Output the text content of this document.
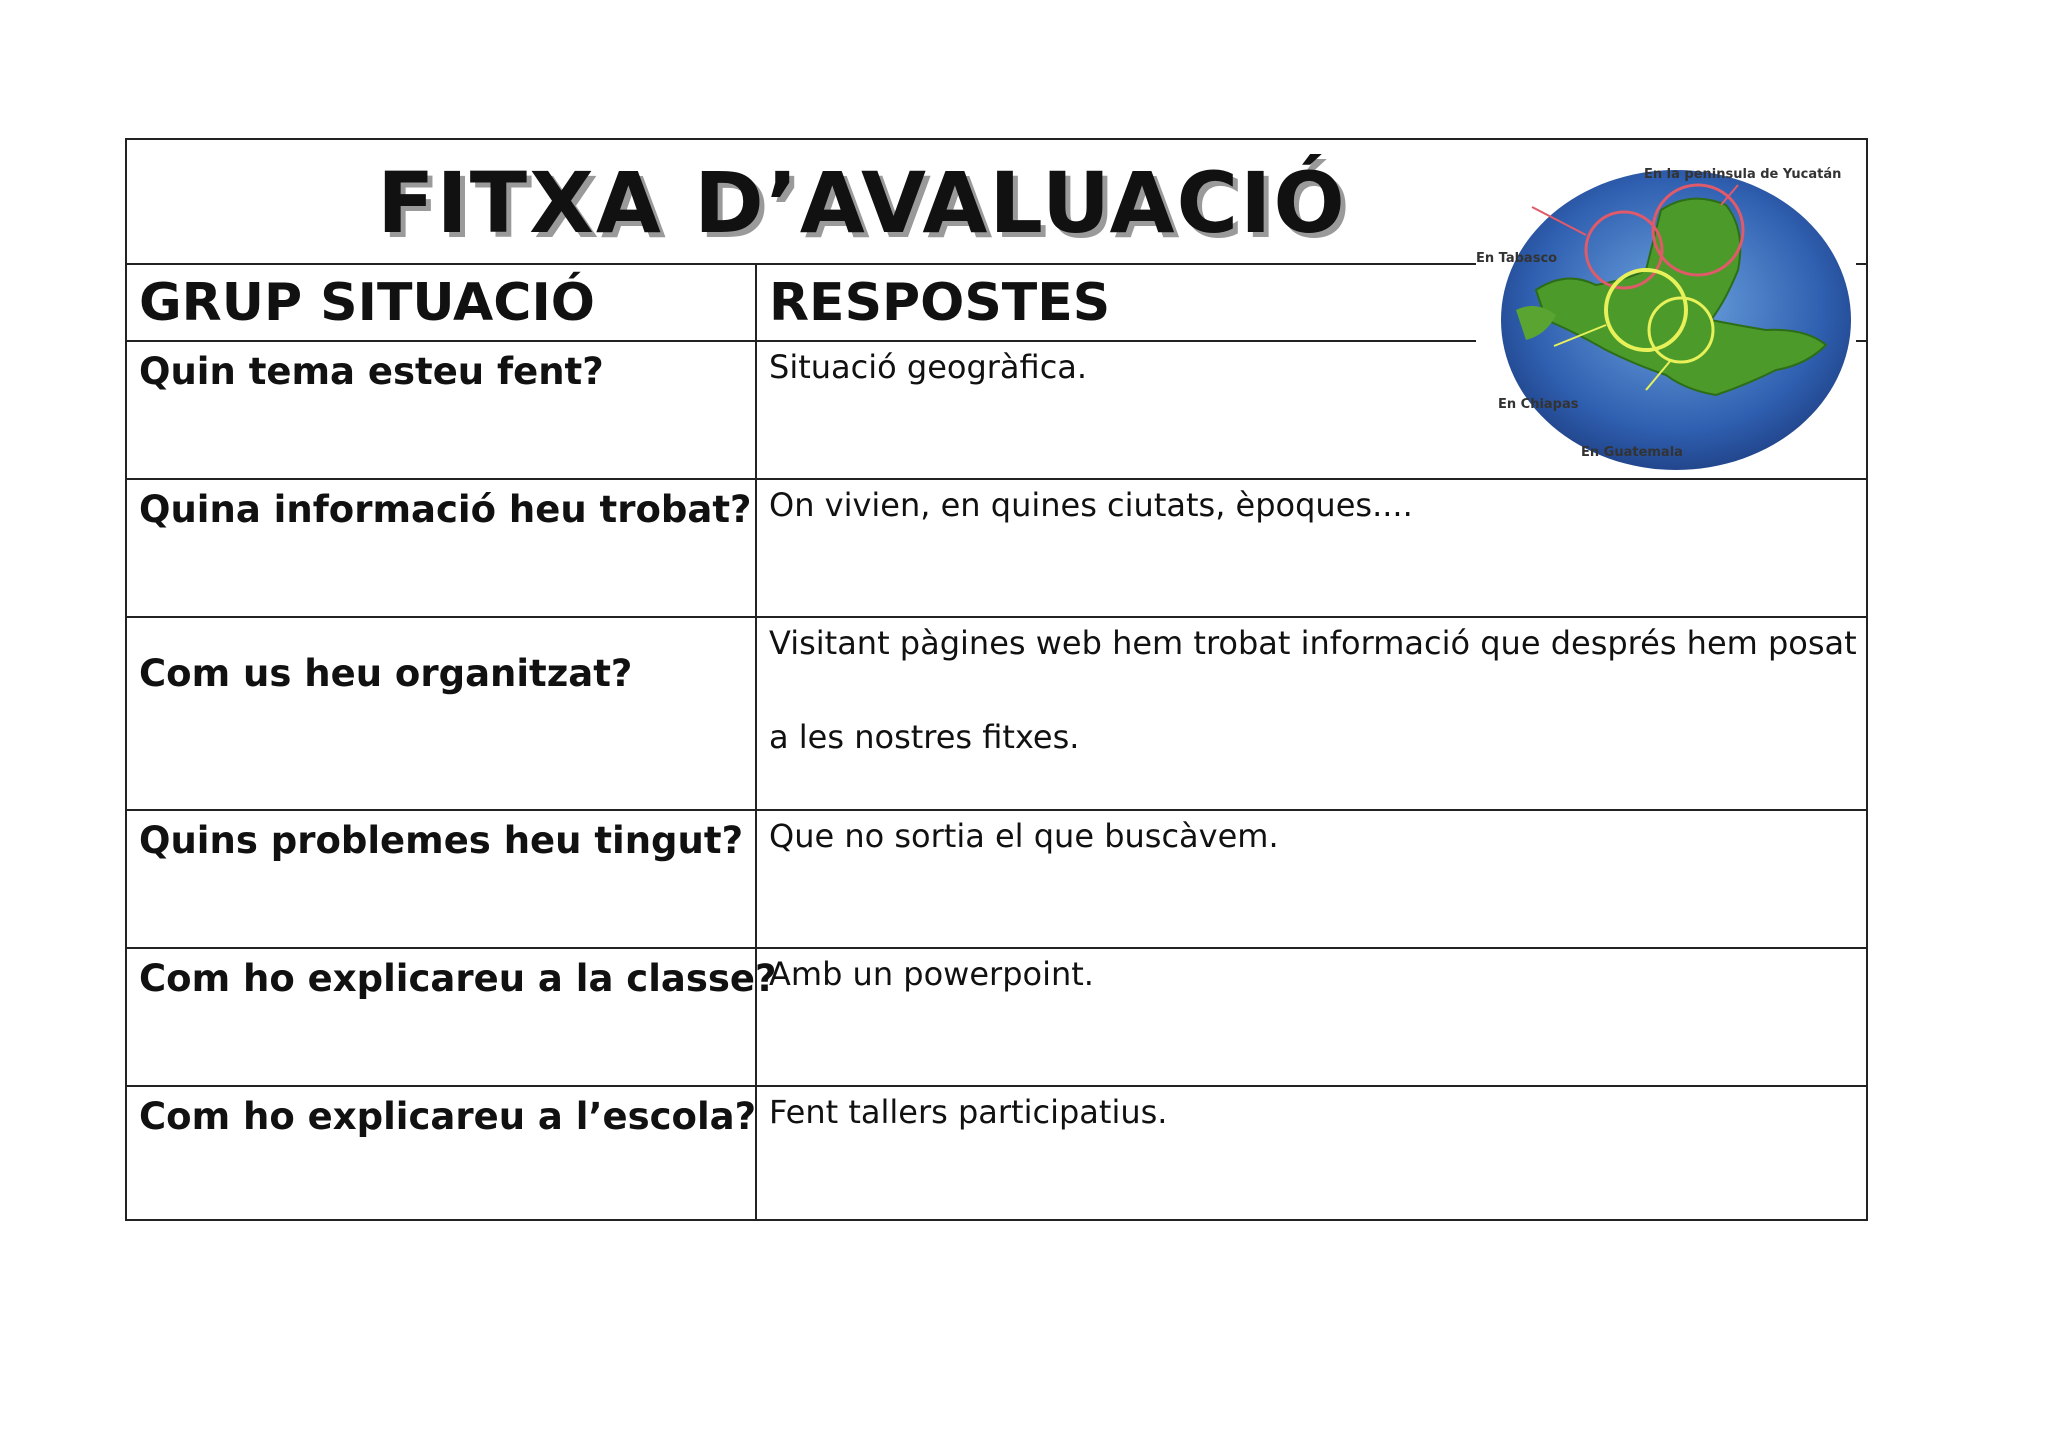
FITXA D’AVALUACIÓ
GRUP SITUACIÓ	RESPOSTES
Quin tema esteu fent?	Situació geogràfica.
Quina informació heu trobat? On vivien, en quines ciutats, èpoques....
Com us heu organitzat?
Visitant pàgines web hem trobat informació que després hem posat
a les nostres fitxes.
Quins problemes heu tingut? Que no sortia el que buscàvem.
Com ho explicareu a la classe?
Amb un powerpoint.
Com ho explicareu a l’escola? Fent tallers participatius.
En la peninsula de Yucatán
En Tabasco
En Chiapas
En Guatemala
